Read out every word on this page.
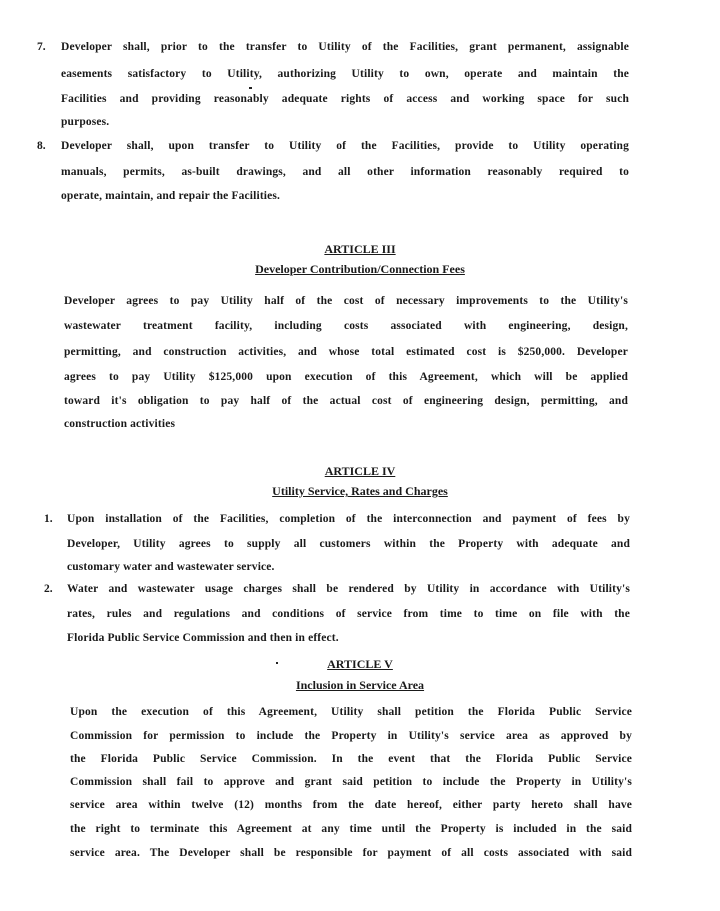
7. Developer shall, prior to the transfer to Utility of the Facilities, grant permanent, assignable
easements satisfactory to Utility, authorizing Utility to own, operate and maintain the
Facilities and providing reasonably adequate rights of access and working space for such
purposes.
8. Developer shall, upon transfer to Utility of the Facilities, provide to Utility operating
manuals, permits, as-built drawings, and all other information reasonably required to
operate, maintain, and repair the Facilities.
ARTICLE III
Developer Contribution/Connection Fees
Developer agrees to pay Utility half of the cost of necessary improvements to the Utility's
wastewater treatment facility, including costs associated with engineering, design,
permitting, and construction activities, and whose total estimated cost is $250,000. Developer
agrees to pay Utility $125,000 upon execution of this Agreement, which will be applied
toward it's obligation to pay half of the actual cost of engineering design, permitting, and
construction activities
ARTICLE IV
Utility Service, Rates and Charges
1. Upon installation of the Facilities, completion of the interconnection and payment of fees by
Developer, Utility agrees to supply all customers within the Property with adequate and
customary water and wastewater service.
2. Water and wastewater usage charges shall be rendered by Utility in accordance with Utility's
rates, rules and regulations and conditions of service from time to time on file with the
Florida Public Service Commission and then in effect.
ARTICLE V
Inclusion in Service Area
Upon the execution of this Agreement, Utility shall petition the Florida Public Service
Commission for permission to include the Property in Utility's service area as approved by
the Florida Public Service Commission. In the event that the Florida Public Service
Commission shall fail to approve and grant said petition to include the Property in Utility's
service area within twelve (12) months from the date hereof, either party hereto shall have
the right to terminate this Agreement at any time until the Property is included in the said
service area. The Developer shall be responsible for payment of all costs associated with said
